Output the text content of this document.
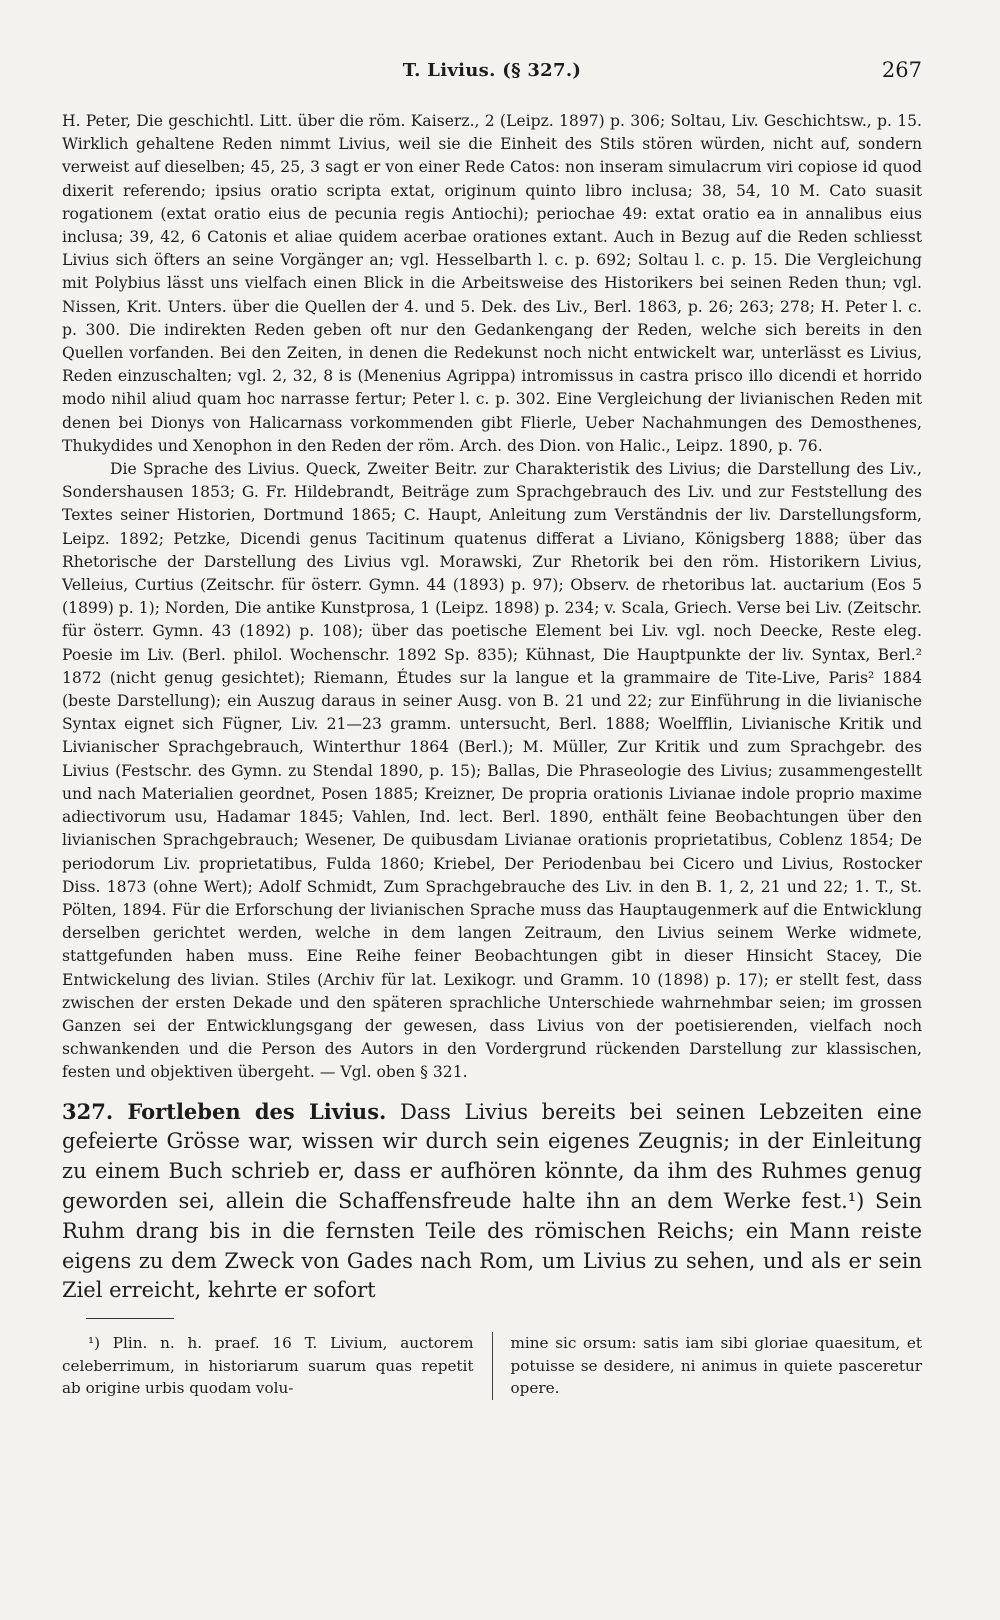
T. Livius. (§ 327.)	267

H. Peter, Die geschichtl. Litt. über die röm. Kaiserz., 2 (Leipz. 1897) p. 306; Soltau, Liv. Geschichtsw., p. 15. Wirklich gehaltene Reden nimmt Livius, weil sie die Einheit des Stils stören würden, nicht auf, sondern verweist auf dieselben; 45, 25, 3 sagt er von einer Rede Catos: non inseram simulacrum viri copiose id quod dixerit referendo; ipsius oratio scripta extat, originum quinto libro inclusa; 38, 54, 10 M. Cato suasit rogationem (extat oratio eius de pecunia regis Antiochi); periochae 49: extat oratio ea in annalibus eius inclusa; 39, 42, 6 Catonis et aliae quidem acerbae orationes extant. Auch in Bezug auf die Reden schliesst Livius sich öfters an seine Vorgänger an; vgl. Hesselbarth l. c. p. 692; Soltau l. c. p. 15. Die Vergleichung mit Polybius lässt uns vielfach einen Blick in die Arbeitsweise des Historikers bei seinen Reden thun; vgl. Nissen, Krit. Unters. über die Quellen der 4. und 5. Dek. des Liv., Berl. 1863, p. 26; 263; 278; H. Peter l. c. p. 300. Die indirekten Reden geben oft nur den Gedankengang der Reden, welche sich bereits in den Quellen vorfanden. Bei den Zeiten, in denen die Redekunst noch nicht entwickelt war, unterlässt es Livius, Reden einzuschalten; vgl. 2, 32, 8 is (Menenius Agrippa) intromissus in castra prisco illo dicendi et horrido modo nihil aliud quam hoc narrasse fertur; Peter l. c. p. 302. Eine Vergleichung der livianischen Reden mit denen bei Dionys von Halicarnass vorkommenden gibt Flierle, Ueber Nachahmungen des Demosthenes, Thukydides und Xenophon in den Reden der röm. Arch. des Dion. von Halic., Leipz. 1890, p. 76.

Die Sprache des Livius. Queck, Zweiter Beitr. zur Charakteristik des Livius; die Darstellung des Liv., Sondershausen 1853; G. Fr. Hildebrandt, Beiträge zum Sprachgebrauch des Liv. und zur Feststellung des Textes seiner Historien, Dortmund 1865; C. Haupt, Anleitung zum Verständnis der liv. Darstellungsform, Leipz. 1892; Petzke, Dicendi genus Tacitinum quatenus differat a Liviano, Königsberg 1888; über das Rhetorische der Darstellung des Livius vgl. Morawski, Zur Rhetorik bei den röm. Historikern Livius, Velleius, Curtius (Zeitschr. für österr. Gymn. 44 (1893) p. 97); Observ. de rhetoribus lat. auctarium (Eos 5 (1899) p. 1); Norden, Die antike Kunstprosa, 1 (Leipz. 1898) p. 234; v. Scala, Griech. Verse bei Liv. (Zeitschr. für österr. Gymn. 43 (1892) p. 108); über das poetische Element bei Liv. vgl. noch Deecke, Reste eleg. Poesie im Liv. (Berl. philol. Wochenschr. 1892 Sp. 835); Kühnast, Die Hauptpunkte der liv. Syntax, Berl.² 1872 (nicht genug gesichtet); Riemann, Études sur la langue et la grammaire de Tite-Live, Paris² 1884 (beste Darstellung); ein Auszug daraus in seiner Ausg. von B. 21 und 22; zur Einführung in die livianische Syntax eignet sich Fügner, Liv. 21—23 gramm. untersucht, Berl. 1888; Woelfflin, Livianische Kritik und Livianischer Sprachgebrauch, Winterthur 1864 (Berl.); M. Müller, Zur Kritik und zum Sprachgebr. des Livius (Festschr. des Gymn. zu Stendal 1890, p. 15); Ballas, Die Phraseologie des Livius; zusammengestellt und nach Materialien geordnet, Posen 1885; Kreizner, De propria orationis Livianae indole proprio maxime adiectivorum usu, Hadamar 1845; Vahlen, Ind. lect. Berl. 1890, enthält feine Beobachtungen über den livianischen Sprachgebrauch; Wesener, De quibusdam Livianae orationis proprietatibus, Coblenz 1854; De periodorum Liv. proprietatibus, Fulda 1860; Kriebel, Der Periodenbau bei Cicero und Livius, Rostocker Diss. 1873 (ohne Wert); Adolf Schmidt, Zum Sprachgebrauche des Liv. in den B. 1, 2, 21 und 22; 1. T., St. Pölten, 1894. Für die Erforschung der livianischen Sprache muss das Hauptaugenmerk auf die Entwicklung derselben gerichtet werden, welche in dem langen Zeitraum, den Livius seinem Werke widmete, stattgefunden haben muss. Eine Reihe feiner Beobachtungen gibt in dieser Hinsicht Stacey, Die Entwickelung des livian. Stiles (Archiv für lat. Lexikogr. und Gramm. 10 (1898) p. 17); er stellt fest, dass zwischen der ersten Dekade und den späteren sprachliche Unterschiede wahrnehmbar seien; im grossen Ganzen sei der Entwicklungsgang der gewesen, dass Livius von der poetisierenden, vielfach noch schwankenden und die Person des Autors in den Vordergrund rückenden Darstellung zur klassischen, festen und objektiven übergeht. — Vgl. oben § 321.

327. Fortleben des Livius. Dass Livius bereits bei seinen Lebzeiten eine gefeierte Grösse war, wissen wir durch sein eigenes Zeugnis; in der Einleitung zu einem Buch schrieb er, dass er aufhören könnte, da ihm des Ruhmes genug geworden sei, allein die Schaffensfreude halte ihn an dem Werke fest.¹) Sein Ruhm drang bis in die fernsten Teile des römischen Reichs; ein Mann reiste eigens zu dem Zweck von Gades nach Rom, um Livius zu sehen, und als er sein Ziel erreicht, kehrte er sofort

¹) Plin. n. h. praef. 16 T. Livium, auctorem celeberrimum, in historiarum suarum quas repetit ab origine urbis quodam volu-

mine sic orsum: satis iam sibi gloriae quaesitum, et potuisse se desidere, ni animus in quiete pasceretur opere.
